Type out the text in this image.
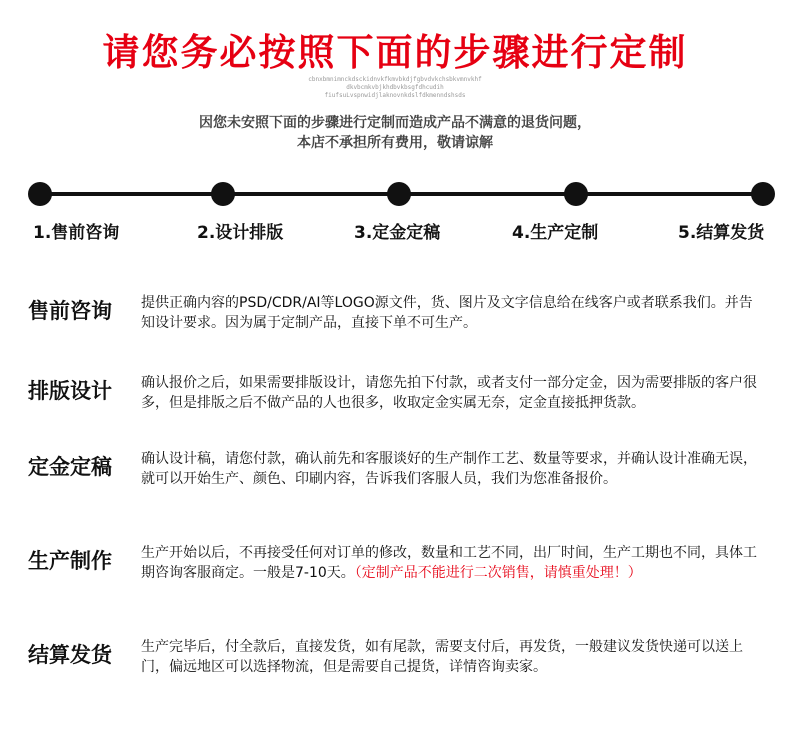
请您务必按照下面的步骤进行定制
cbnxbmnimnckdsckidnvkfkmvbkdjfgbvdvkchsbkvmnvkhf
dkvbcmkvbjkhdbvkbsgfdhcudih
fiufsuLvspnwidjlaknovnkdslfdkmenndshsds
因您未安照下面的步骤进行定制而造成产品不满意的退货问题，
本店不承担所有费用，敬请谅解
1.售前咨询	2.设计排版	3.定金定稿	4.生产定制	5.结算发货
售前咨询 提供正确内容的PSD/CDR/AI等LOGO源文件，货、图片及文字信息给在线客户或者联系我们。并告知设计要求。因为属于定制产品，直接下单不可生产。
排版设计 确认报价之后，如果需要排版设计，请您先拍下付款，或者支付一部分定金，因为需要排版的客户很多，但是排版之后不做产品的人也很多，收取定金实属无奈，定金直接抵押货款。
定金定稿 确认设计稿，请您付款，确认前先和客服谈好的生产制作工艺、数量等要求，并确认设计准确无误，就可以开始生产、颜色、印刷内容，告诉我们客服人员，我们为您准备报价。
生产制作 生产开始以后，不再接受任何对订单的修改，数量和工艺不同，出厂时间，生产工期也不同，具体工期咨询客服商定。一般是7-10天。（定制产品不能进行二次销售，请慎重处理！）
结算发货 生产完毕后，付全款后，直接发货，如有尾款，需要支付后，再发货，一般建议发货快递可以送上门，偏远地区可以选择物流，但是需要自己提货，详情咨询卖家。
